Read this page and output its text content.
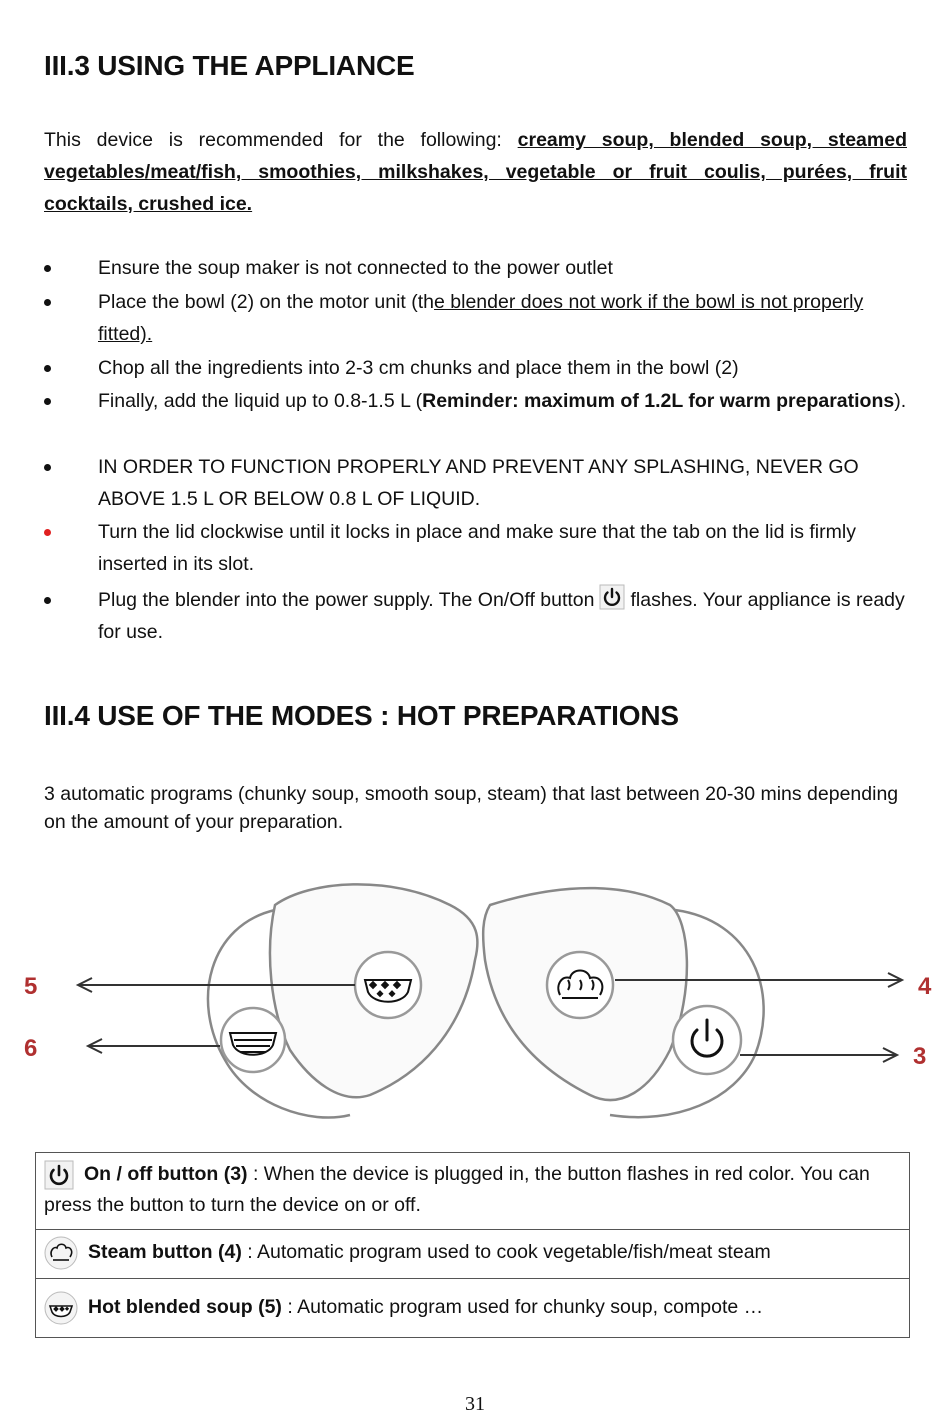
III.3 USING THE APPLIANCE
This device is recommended for the following: creamy soup, blended soup, steamed vegetables/meat/fish, smoothies, milkshakes, vegetable or fruit coulis, purées, fruit cocktails, crushed ice.
Ensure the soup maker is not connected to the power outlet
Place the bowl (2) on the motor unit (the blender does not work if the bowl is not properly fitted).
Chop all the ingredients into 2-3 cm chunks and place them in the bowl (2)
Finally, add the liquid up to 0.8-1.5 L (Reminder: maximum of 1.2L for warm preparations).
IN ORDER TO FUNCTION PROPERLY AND PREVENT ANY SPLASHING, NEVER GO ABOVE 1.5 L OR BELOW 0.8 L OF LIQUID.
Turn the lid clockwise until it locks in place and make sure that the tab on the lid is firmly inserted in its slot.
Plug the blender into the power supply. The On/Off button flashes. Your appliance is ready for use.
III.4 USE OF THE MODES : HOT PREPARATIONS
3 automatic programs (chunky soup, smooth soup, steam) that last between 20-30 mins depending on the amount of your preparation.
5
6
4
3
On / off button (3) : When the device is plugged in, the button flashes in red color. You can press the button to turn the device on or off.
Steam button (4) : Automatic program used to cook vegetable/fish/meat steam
Hot blended soup (5) : Automatic program used for chunky soup, compote …
31
